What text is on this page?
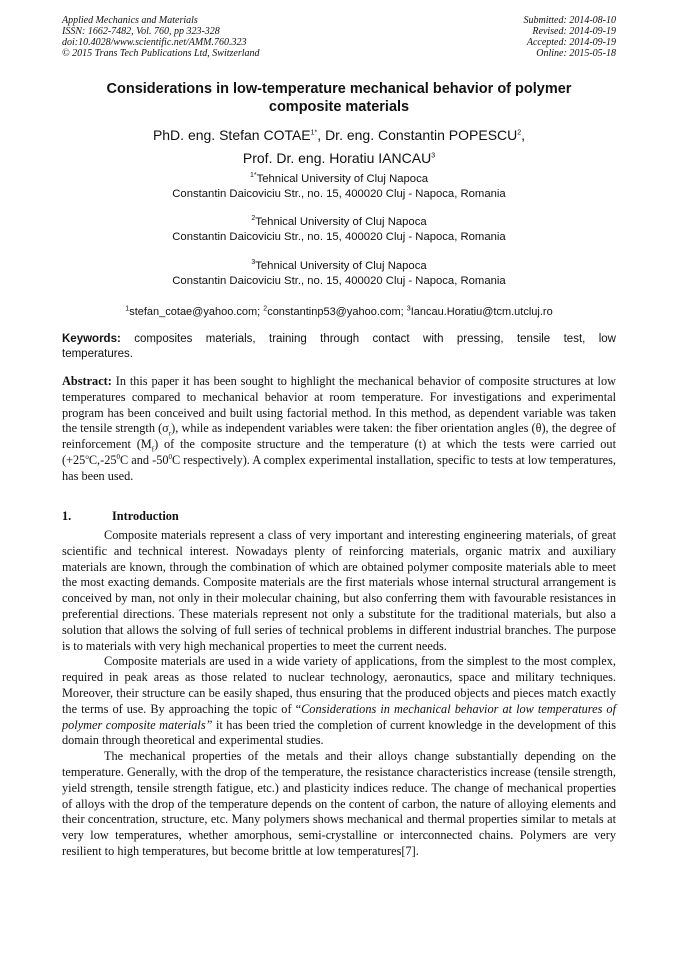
Applied Mechanics and Materials
ISSN: 1662-7482, Vol. 760, pp 323-328
doi:10.4028/www.scientific.net/AMM.760.323
© 2015 Trans Tech Publications Ltd, Switzerland
Submitted: 2014-08-10
Revised: 2014-09-19
Accepted: 2014-09-19
Online: 2015-05-18
Considerations in low-temperature mechanical behavior of polymer
composite materials
PhD. eng. Stefan $COTAE^{1*}$, Dr. eng. Constantin POPESCU$^2$,
Prof. Dr. eng. Horatiu IANCAU$^3$
$^{1*}$Tehnical University of Cluj Napoca
Constantin Daicoviciu Str., no. 15, 400020 Cluj - Napoca, Romania
$^2$Tehnical University of Cluj Napoca
Constantin Daicoviciu Str., no. 15, 400020 Cluj - Napoca, Romania
$^3$Tehnical University of Cluj Napoca
Constantin Daicoviciu Str., no. 15, 400020 Cluj - Napoca, Romania
$^1$stefan_cotae@yahoo.com; $^2$constantinp53@yahoo.com; $^3$Iancau.Horatiu@tcm.utcluj.ro
Keywords: composites materials, training through contact with pressing, tensile test, low temperatures.
Abstract: In this paper it has been sought to highlight the mechanical behavior of composite structures at low temperatures compared to mechanical behavior at room temperature. For investigations and experimental program has been conceived and built using factorial method. In this method, as dependent variable was taken the tensile strength $(\sigma_r)$, while as independent variables were taken: the fiber orientation angles (θ), the degree of reinforcement $(M_f)$ of the composite structure and the temperature (t) at which the tests were carried out ($+25^oC,-25^0C$ and $-50^0C$ respectively). A complex experimental installation, specific to tests at low temperatures, has been used.
1.	Introduction

Composite materials represent a class of very important and interesting engineering materials, of great scientific and technical interest. Nowadays plenty of reinforcing materials, organic matrix and auxiliary materials are known, through the combination of which are obtained polymer composite materials able to meet the most exacting demands. Composite materials are the first materials whose internal structural arrangement is conceived by man, not only in their molecular chaining, but also conferring them with favourable resistances in preferential directions. These materials represent not only a substitute for the traditional materials, but also a solution that allows the solving of full series of technical problems in different industrial branches. The purpose is to materials with very high mechanical properties to meet the current needs.

Composite materials are used in a wide variety of applications, from the simplest to the most complex, required in peak areas as those related to nuclear technology, aeronautics, space and military techniques. Moreover, their structure can be easily shaped, thus ensuring that the produced objects and pieces match exactly the terms of use. By approaching the topic of “Considerations in mechanical behavior at low temperatures of polymer composite materials” it has been tried the completion of current knowledge in the development of this domain through theoretical and experimental studies.

The mechanical properties of the metals and their alloys change substantially depending on the temperature. Generally, with the drop of the temperature, the resistance characteristics increase (tensile strength, yield strength, tensile strength fatigue, etc.) and plasticity indices reduce. The change of mechanical properties of alloys with the drop of the temperature depends on the content of carbon, the nature of alloying elements and their concentration, structure, etc. Many polymers shows mechanical and thermal properties similar to metals at very low temperatures, whether amorphous, semi-crystalline or interconnected chains. Polymers are very resilient to high temperatures, but become brittle at low temperatures[7].
